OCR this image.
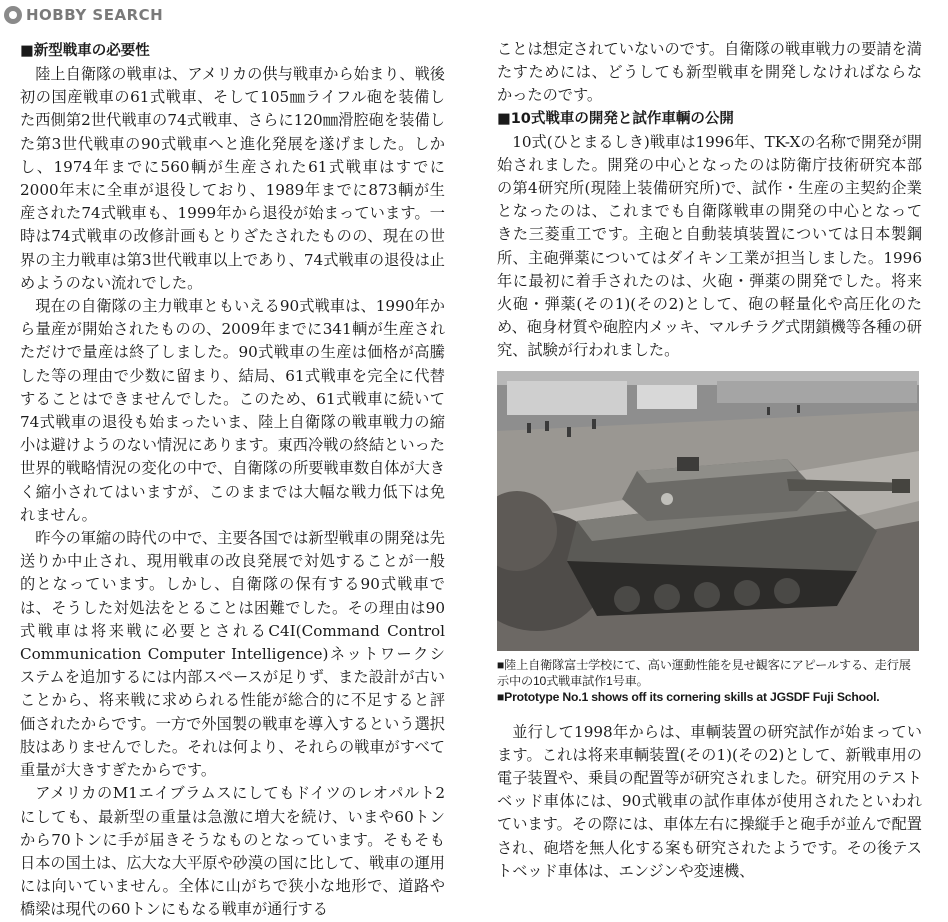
HOBBY SEARCH

■新型戦車の必要性

陸上自衛隊の戦車は、アメリカの供与戦車から始まり、戦後初の国産戦車の61式戦車、そして105㎜ライフル砲を装備した西側第2世代戦車の74式戦車、さらに120㎜滑腔砲を装備した第3世代戦車の90式戦車へと進化発展を遂げました。しかし、1974年までに560輌が生産された61式戦車はすでに2000年末に全車が退役しており、1989年までに873輌が生産された74式戦車も、1999年から退役が始まっています。一時は74式戦車の改修計画もとりざたされたものの、現在の世界の主力戦車は第3世代戦車以上であり、74式戦車の退役は止めようのない流れでした。

現在の自衛隊の主力戦車ともいえる90式戦車は、1990年から量産が開始されたものの、2009年までに341輌が生産されただけで量産は終了しました。90式戦車の生産は価格が高騰した等の理由で少数に留まり、結局、61式戦車を完全に代替することはできませんでした。このため、61式戦車に続いて74式戦車の退役も始まったいま、陸上自衛隊の戦車戦力の縮小は避けようのない情況にあります。東西冷戦の終結といった世界的戦略情況の変化の中で、自衛隊の所要戦車数自体が大きく縮小されてはいますが、このままでは大幅な戦力低下は免れません。

昨今の軍縮の時代の中で、主要各国では新型戦車の開発は先送りか中止され、現用戦車の改良発展で対処することが一般的となっています。しかし、自衛隊の保有する90式戦車では、そうした対処法をとることは困難でした。その理由は90式戦車は将来戦に必要とされるC4I(Command Control Communication Computer Intelligence)ネットワークシステムを追加するには内部スペースが足りず、また設計が古いことから、将来戦に求められる性能が総合的に不足すると評価されたからです。一方で外国製の戦車を導入するという選択肢はありませんでした。それは何より、それらの戦車がすべて重量が大きすぎたからです。

アメリカのM1エイブラムスにしてもドイツのレオパルト2にしても、最新型の重量は急激に増大を続け、いまや60トンから70トンに手が届きそうなものとなっています。そもそも日本の国土は、広大な大平原や砂漠の国に比して、戦車の運用には向いていません。全体に山がちで狭小な地形で、道路や橋梁は現代の60トンにもなる戦車が通行する

ことは想定されていないのです。自衛隊の戦車戦力の要請を満たすためには、どうしても新型戦車を開発しなければならなかったのです。

■10式戦車の開発と試作車輌の公開

10式(ひとまるしき)戦車は1996年、TK-Xの名称で開発が開始されました。開発の中心となったのは防衛庁技術研究本部の第4研究所(現陸上装備研究所)で、試作・生産の主契約企業となったのは、これまでも自衛隊戦車の開発の中心となってきた三菱重工です。主砲と自動装填装置については日本製鋼所、主砲弾薬についてはダイキン工業が担当しました。1996年に最初に着手されたのは、火砲・弾薬の開発でした。将来火砲・弾薬(その1)(その2)として、砲の軽量化や高圧化のため、砲身材質や砲腔内メッキ、マルチラグ式閉鎖機等各種の研究、試験が行われました。

■陸上自衛隊富士学校にて、高い運動性能を見せ観客にアピールする、走行展示中の10式戦車試作1号車。

■Prototype No.1 shows off its cornering skills at JGSDF Fuji School.

並行して1998年からは、車輌装置の研究試作が始まっています。これは将来車輌装置(その1)(その2)として、新戦車用の電子装置や、乗員の配置等が研究されました。研究用のテストベッド車体には、90式戦車の試作車体が使用されたといわれています。その際には、車体左右に操縦手と砲手が並んで配置され、砲塔を無人化する案も研究されたようです。その後テストベッド車体は、エンジンや変速機、
